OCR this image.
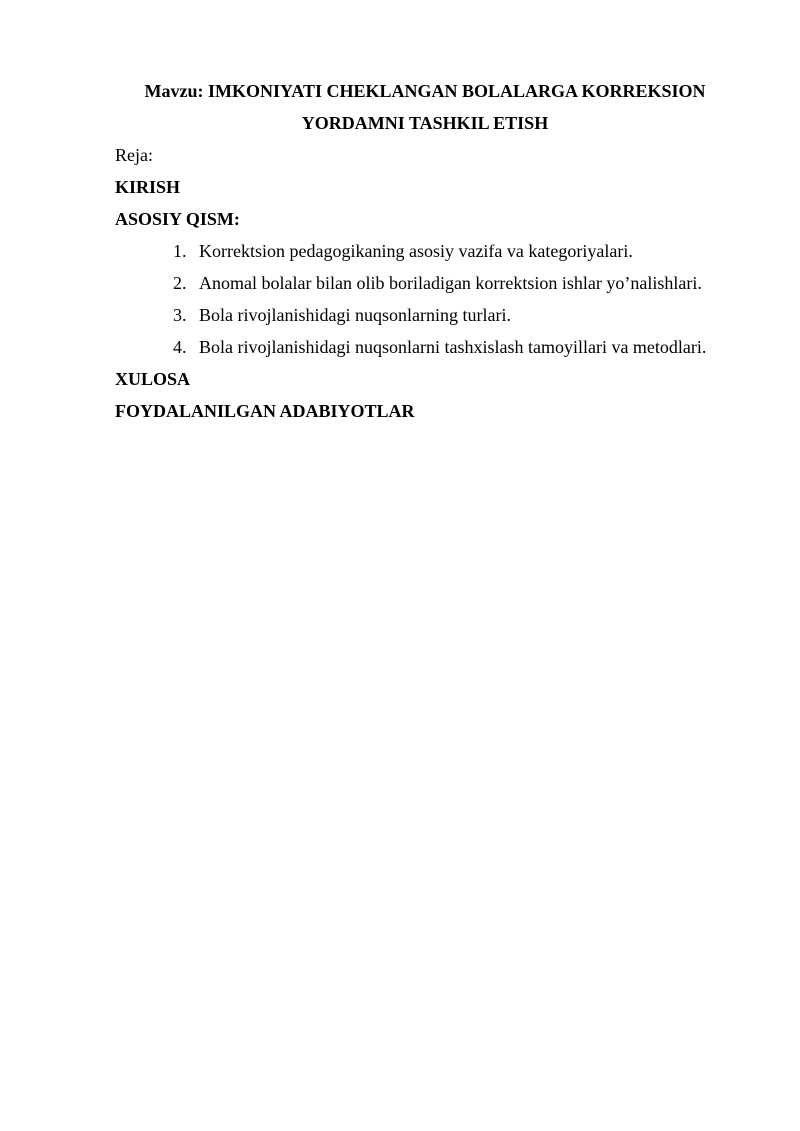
Mavzu: IMKONIYATI CHEKLANGAN BOLALARGA KORREKSION
YORDAMNI TASHKIL ETISH

Reja:

KIRISH

ASOSIY QISM:

1. Korrektsion pedagogikaning asosiy vazifa va kategoriyalari.
2. Anomal bolalar bilan olib boriladigan korrektsion ishlar yo’nalishlari.
3. Bola rivojlanishidagi nuqsonlarning turlari.
4. Bola rivojlanishidagi nuqsonlarni tashxislash tamoyillari va metodlari.

XULOSA

FOYDALANILGAN ADABIYOTLAR
